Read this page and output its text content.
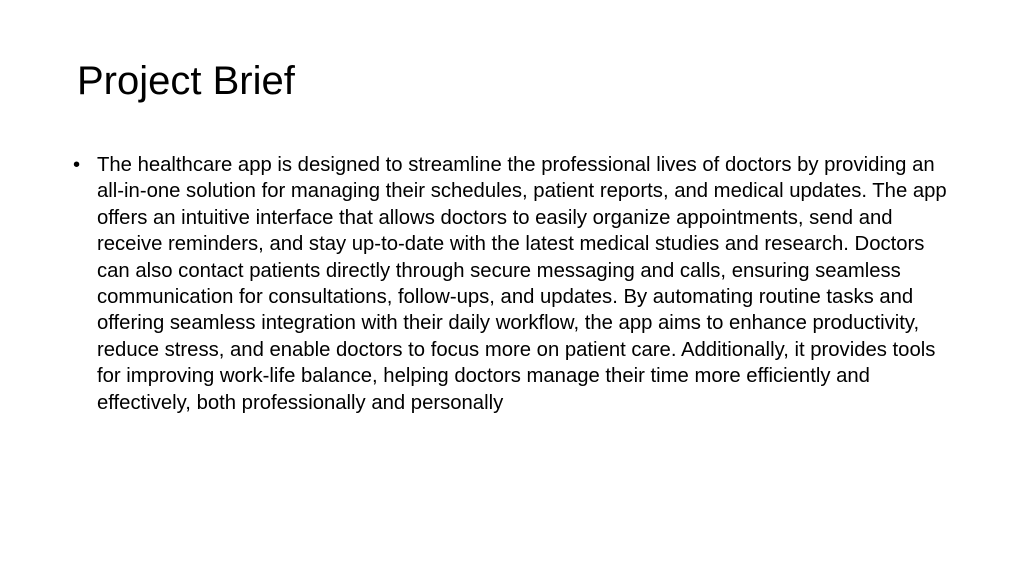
Project Brief
• The healthcare app is designed to streamline the professional lives of doctors by providing an all-in-one solution for managing their schedules, patient reports, and medical updates. The app offers an intuitive interface that allows doctors to easily organize appointments, send and receive reminders, and stay up-to-date with the latest medical studies and research. Doctors can also contact patients directly through secure messaging and calls, ensuring seamless communication for consultations, follow-ups, and updates. By automating routine tasks and offering seamless integration with their daily workflow, the app aims to enhance productivity, reduce stress, and enable doctors to focus more on patient care. Additionally, it provides tools for improving work-life balance, helping doctors manage their time more efficiently and effectively, both professionally and personally
